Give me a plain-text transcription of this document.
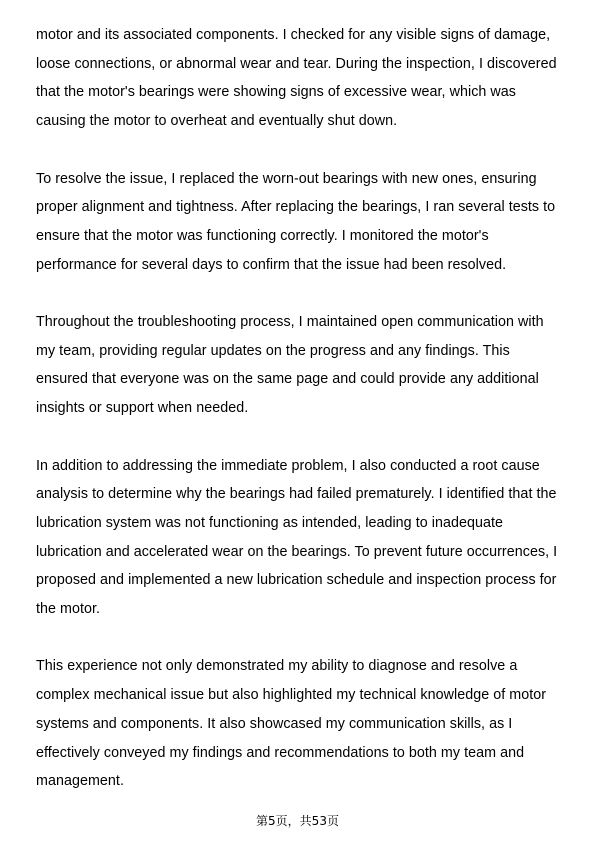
motor and its associated components. I checked for any visible signs of damage,
loose connections, or abnormal wear and tear. During the inspection, I discovered
that the motor's bearings were showing signs of excessive wear, which was
causing the motor to overheat and eventually shut down.

To resolve the issue, I replaced the worn-out bearings with new ones, ensuring
proper alignment and tightness. After replacing the bearings, I ran several tests to
ensure that the motor was functioning correctly. I monitored the motor's
performance for several days to confirm that the issue had been resolved.

Throughout the troubleshooting process, I maintained open communication with
my team, providing regular updates on the progress and any findings. This
ensured that everyone was on the same page and could provide any additional
insights or support when needed.

In addition to addressing the immediate problem, I also conducted a root cause
analysis to determine why the bearings had failed prematurely. I identified that the
lubrication system was not functioning as intended, leading to inadequate
lubrication and accelerated wear on the bearings. To prevent future occurrences, I
proposed and implemented a new lubrication schedule and inspection process for
the motor.

This experience not only demonstrated my ability to diagnose and resolve a
complex mechanical issue but also highlighted my technical knowledge of motor
systems and components. It also showcased my communication skills, as I
effectively conveyed my findings and recommendations to both my team and
management.

第5页，共53页
